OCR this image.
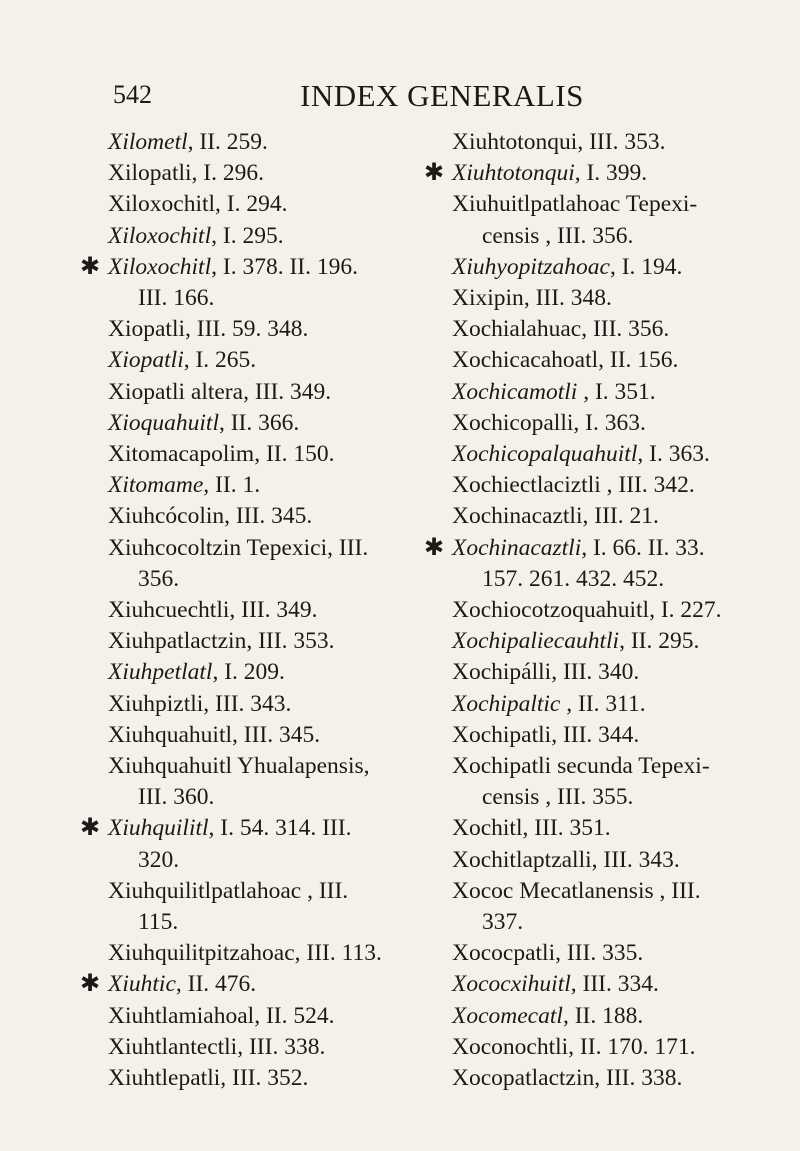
542	INDEX GENERALIS
Xilometl, II. 259.
Xilopatli, I. 296.
Xiloxochitl, I. 294.
Xiloxochitl, I. 295.
✱ Xiloxochitl, I. 378. II. 196.
III. 166.
Xiopatli, III. 59. 348.
Xiopatli, I. 265.
Xiopatli altera, III. 349.
Xioquahuitl, II. 366.
Xitomacapolim, II. 150.
Xitomame, II. 1.
Xiuhcócolin, III. 345.
Xiuhcocoltzin Tepexici, III.
356.
Xiuhcuechtli, III. 349.
Xiuhpatlactzin, III. 353.
Xiuhpetlatl, I. 209.
Xiuhpiztli, III. 343.
Xiuhquahuitl, III. 345.
Xiuhquahuitl Yhualapensis,
III. 360.
✱ Xiuhquilitl, I. 54. 314. III.
320.
Xiuhquilitlpatlahoac , III.
115.
Xiuhquilitpitzahoac, III. 113.
✱ Xiuhtic, II. 476.
Xiuhtlamiahoal, II. 524.
Xiuhtlantectli, III. 338.
Xiuhtlepatli, III. 352.
Xiuhtotonqui, III. 353.
✱ Xiuhtotonqui, I. 399.
Xiuhuitlpatlahoac Tepexi-
censis , III. 356.
Xiuhyopitzahoac, I. 194.
Xixipin, III. 348.
Xochialahuac, III. 356.
Xochicacahoatl, II. 156.
Xochicamotli , I. 351.
Xochicopalli, I. 363.
Xochicopalquahuitl, I. 363.
Xochiectlaciztli , III. 342.
Xochinacaztli, III. 21.
✱ Xochinacaztli, I. 66. II. 33.
157. 261. 432. 452.
Xochiocotzoquahuitl, I. 227.
Xochipaliecauhtli, II. 295.
Xochipálli, III. 340.
Xochipaltic , II. 311.
Xochipatli, III. 344.
Xochipatli secunda Tepexi-
censis , III. 355.
Xochitl, III. 351.
Xochitlaptzalli, III. 343.
Xococ Mecatlanensis , III.
337.
Xococpatli, III. 335.
Xococxihuitl, III. 334.
Xocomecatl, II. 188.
Xoconochtli, II. 170. 171.
Xocopatlactzin, III. 338.
